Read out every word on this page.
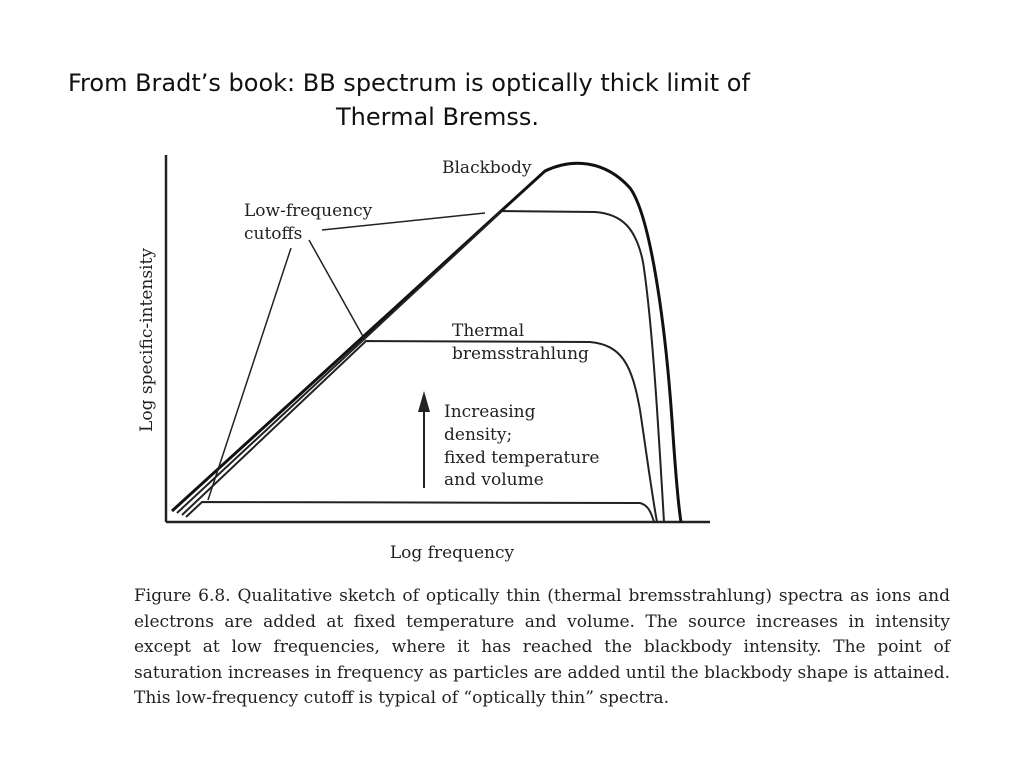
From Bradt’s book: BB spectrum is optically thick limit of
Thermal Bremss.
Log specific-intensity
Log frequency
Blackbody
Low-frequency
cutoffs
Thermal
bremsstrahlung
Increasing
density;
fixed temperature
and volume
Figure 6.8. Qualitative sketch of optically thin (thermal bremsstrahlung) spectra as ions and electrons are added at fixed temperature and volume. The source increases in intensity except at low frequencies, where it has reached the blackbody intensity. The point of saturation increases in frequency as particles are added until the blackbody shape is attained. This low-frequency cutoff is typical of “optically thin” spectra.
